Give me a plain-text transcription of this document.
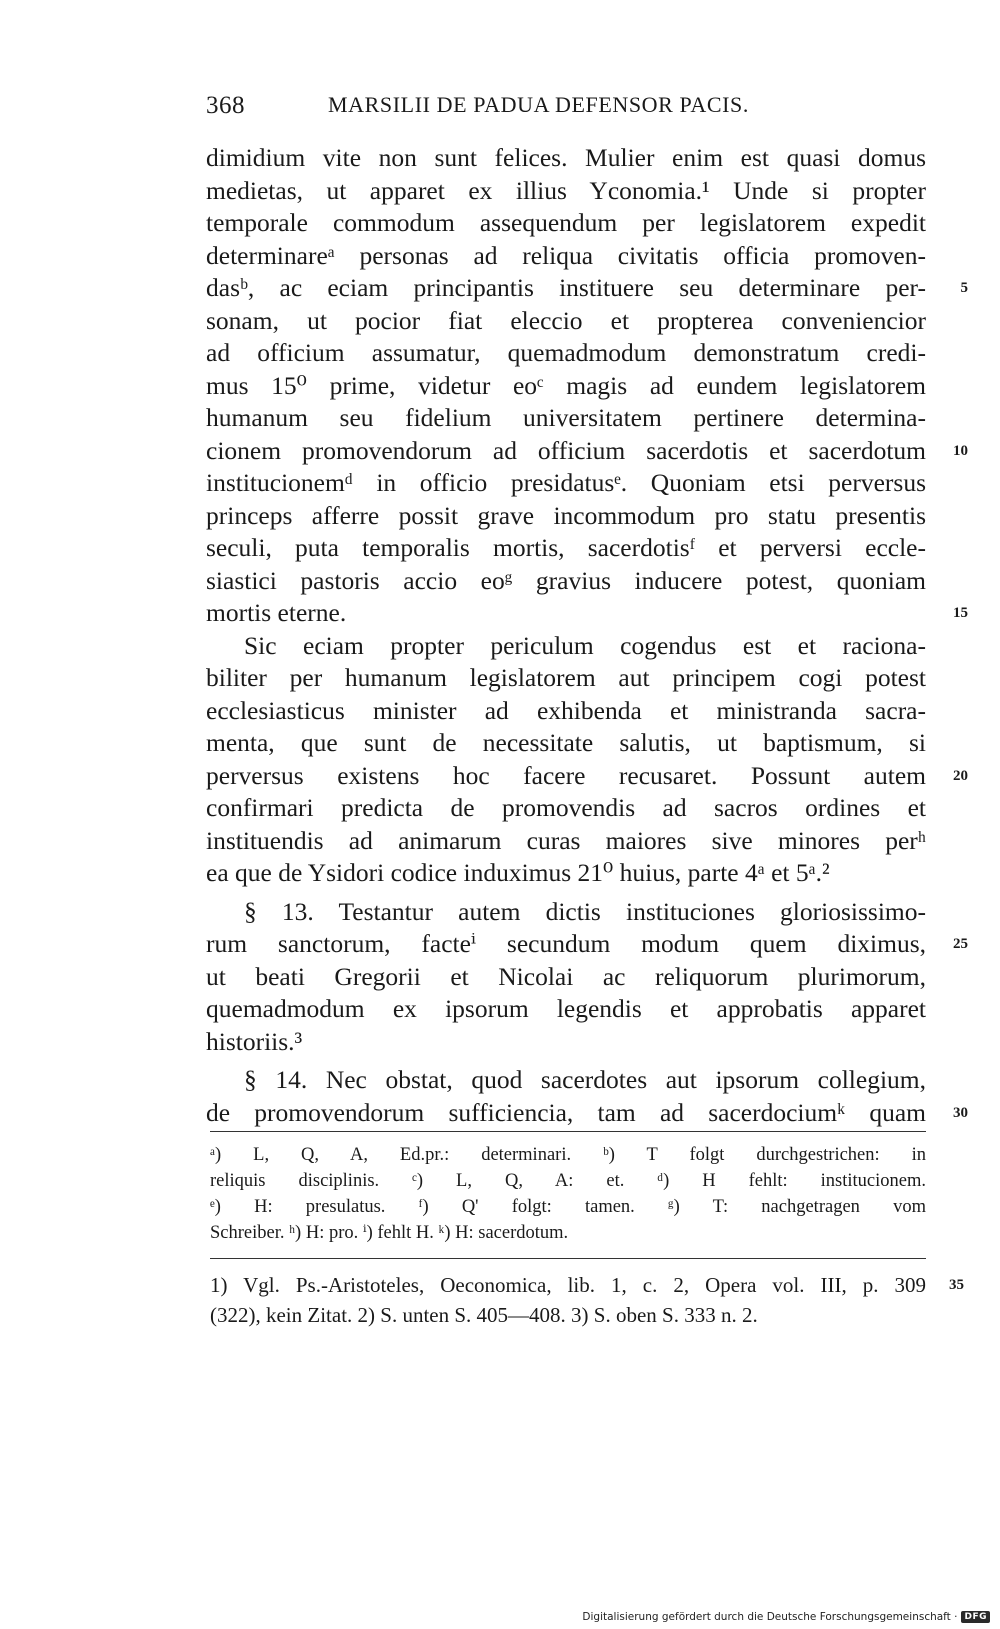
368	MARSILII DE PADUA DEFENSOR PACIS.
dimidium vite non sunt felices. Mulier enim est quasi domus
medietas, ut apparet ex illius Yconomia.¹ Unde si propter
temporale commodum assequendum per legislatorem expedit
determinareᵃ personas ad reliqua civitatis officia promoven-
dasᵇ, ac eciam principantis instituere seu determinare per- 5
sonam, ut pocior fiat eleccio et propterea conveniencior
ad officium assumatur, quemadmodum demonstratum credi-
mus 15⁰ prime, videtur eoᶜ magis ad eundem legislatorem
humanum seu fidelium universitatem pertinere determina-
cionem promovendorum ad officium sacerdotis et sacerdotum 10
institucionemᵈ in officio presidatusᵉ. Quoniam etsi perversus
princeps afferre possit grave incommodum pro statu presentis
seculi, puta temporalis mortis, sacerdotisᶠ et perversi eccle-
siastici pastoris accio eoᵍ gravius inducere potest, quoniam
mortis eterne.	15
Sic eciam propter periculum cogendus est et raciona-
biliter per humanum legislatorem aut principem cogi potest
ecclesiasticus minister ad exhibenda et ministranda sacra-
menta, que sunt de necessitate salutis, ut baptismum, si
perversus existens hoc facere recusaret. Possunt autem 20
confirmari predicta de promovendis ad sacros ordines et
instituendis ad animarum curas maiores sive minores perʰ
ea que de Ysidori codice induximus 21⁰ huius, parte 4ᵃ et 5ᵃ.²
§ 13. Testantur autem dictis instituciones gloriosissimo-
rum sanctorum, facteⁱ secundum modum quem diximus, 25
ut beati Gregorii et Nicolai ac reliquorum plurimorum,
quemadmodum ex ipsorum legendis et approbatis apparet
historiis.³
§ 14. Nec obstat, quod sacerdotes aut ipsorum collegium,
de promovendorum sufficiencia, tam ad sacerdociumᵏ quam 30
ᵃ) L, Q, A, Ed.pr.: determinari. ᵇ) T folgt durchgestrichen: in
reliquis disciplinis. ᶜ) L, Q, A: et. ᵈ) H fehlt: institucionem.
ᵉ) H: presulatus. ᶠ) Q' folgt: tamen. ᵍ) T: nachgetragen vom
Schreiber. ʰ) H: pro. ⁱ) fehlt H. ᵏ) H: sacerdotum.
1) Vgl. Ps.-Aristoteles, Oeconomica, lib. 1, c. 2, Opera vol. III, p. 309 35
(322), kein Zitat. 2) S. unten S. 405—408. 3) S. oben S. 333 n. 2.
Digitalisierung gefördert durch die Deutsche Forschungsgemeinschaft · DFG
